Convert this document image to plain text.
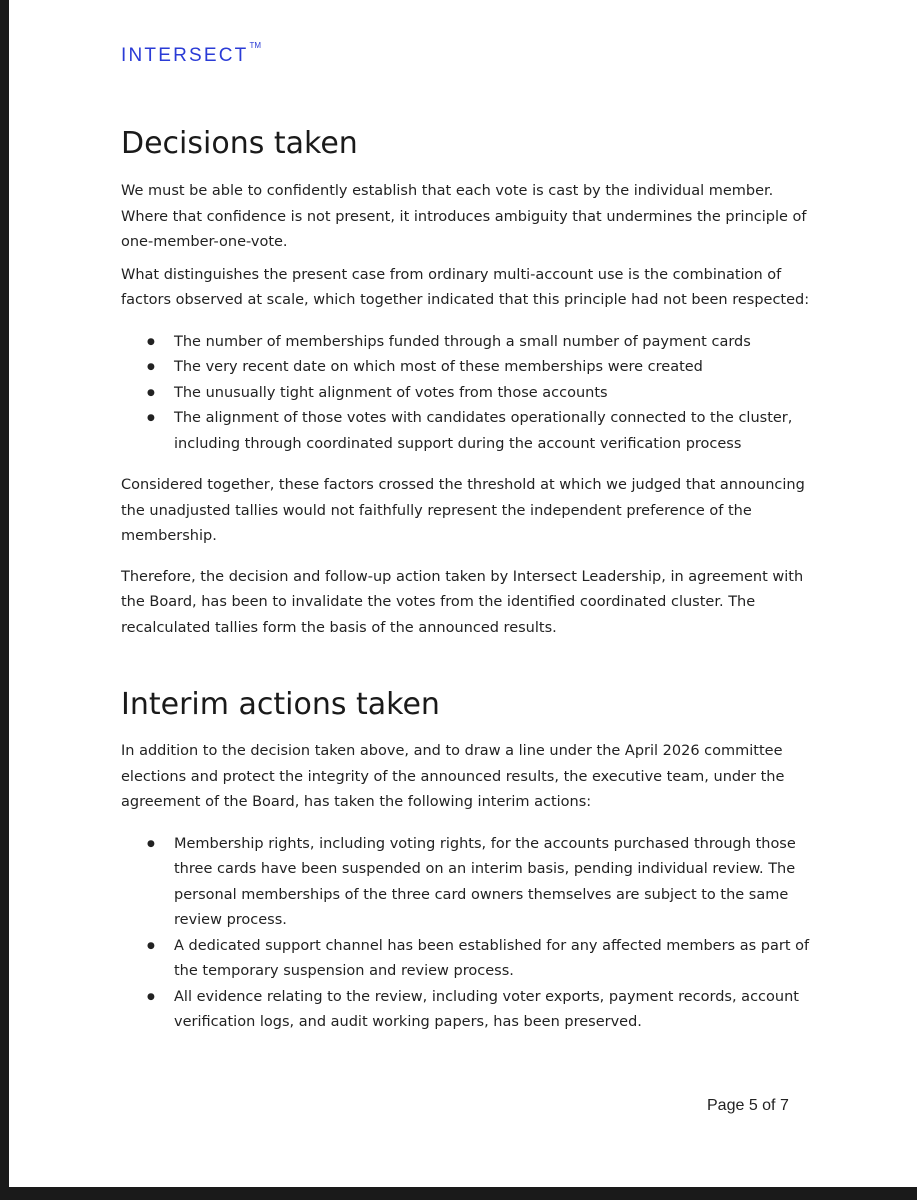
INTERSECT TM
Decisions taken

We must be able to confidently establish that each vote is cast by the individual member. Where that confidence is not present, it introduces ambiguity that undermines the principle of one-member-one-vote.

What distinguishes the present case from ordinary multi-account use is the combination of factors observed at scale, which together indicated that this principle had not been respected:

● The number of memberships funded through a small number of payment cards
● The very recent date on which most of these memberships were created
● The unusually tight alignment of votes from those accounts
● The alignment of those votes with candidates operationally connected to the cluster, including through coordinated support during the account verification process

Considered together, these factors crossed the threshold at which we judged that announcing the unadjusted tallies would not faithfully represent the independent preference of the membership.

Therefore, the decision and follow-up action taken by Intersect Leadership, in agreement with the Board, has been to invalidate the votes from the identified coordinated cluster. The recalculated tallies form the basis of the announced results.

Interim actions taken

In addition to the decision taken above, and to draw a line under the April 2026 committee elections and protect the integrity of the announced results, the executive team, under the agreement of the Board, has taken the following interim actions:

● Membership rights, including voting rights, for the accounts purchased through those three cards have been suspended on an interim basis, pending individual review. The personal memberships of the three card owners themselves are subject to the same review process.
● A dedicated support channel has been established for any affected members as part of the temporary suspension and review process.
● All evidence relating to the review, including voter exports, payment records, account verification logs, and audit working papers, has been preserved.
Page 5 of 7
